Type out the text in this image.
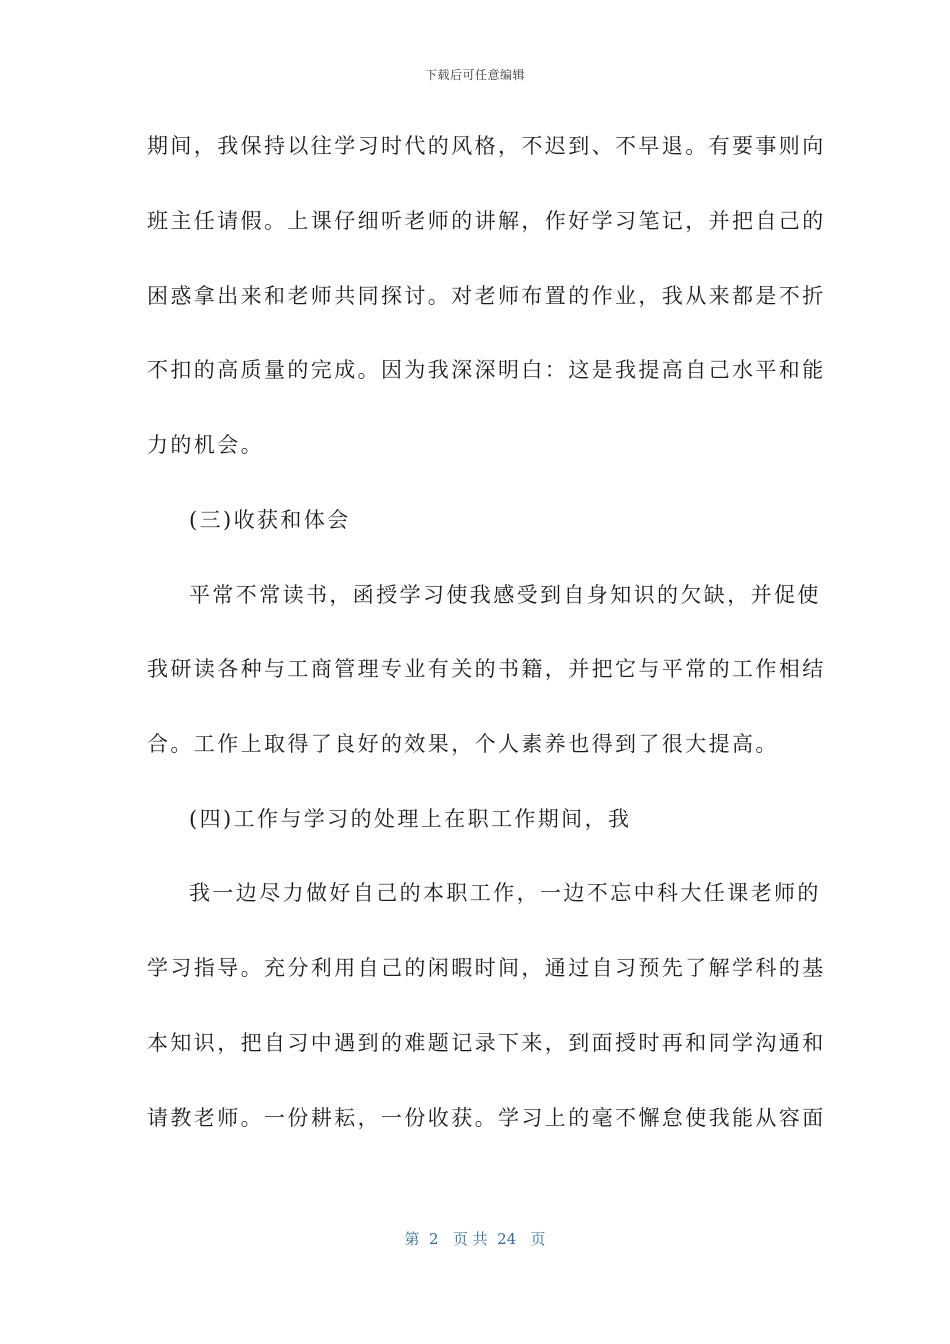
下载后可任意编辑
期间，我保持以往学习时代的风格，不迟到、不早退。有要事则向
班主任请假。上课仔细听老师的讲解，作好学习笔记，并把自己的
困惑拿出来和老师共同探讨。对老师布置的作业，我从来都是不折
不扣的高质量的完成。因为我深深明白：这是我提高自己水平和能
力的机会。
(三)收获和体会
平常不常读书，函授学习使我感受到自身知识的欠缺，并促使
我研读各种与工商管理专业有关的书籍，并把它与平常的工作相结
合。工作上取得了良好的效果，个人素养也得到了很大提高。
(四)工作与学习的处理上在职工作期间，我
我一边尽力做好自己的本职工作，一边不忘中科大任课老师的
学习指导。充分利用自己的闲暇时间，通过自习预先了解学科的基
本知识，把自习中遇到的难题记录下来，到面授时再和同学沟通和
请教老师。一份耕耘，一份收获。学习上的毫不懈怠使我能从容面
第  2   页 共  24   页
